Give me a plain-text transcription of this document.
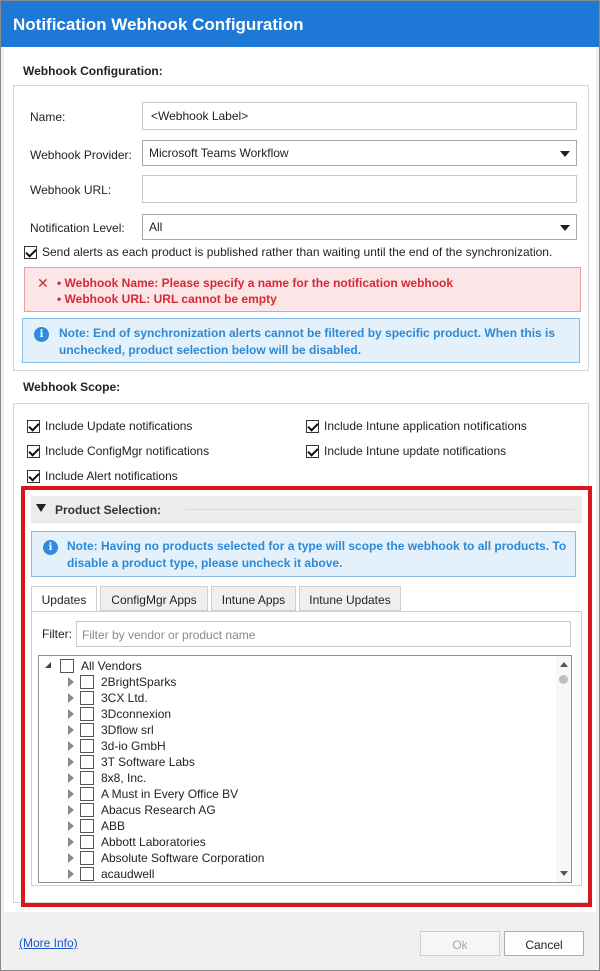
Notification Webhook Configuration
Webhook Configuration:
Name:	<Webhook Label>
Webhook Provider:	Microsoft Teams Workflow
Webhook URL:
Notification Level:	All
Send alerts as each product is published rather than waiting until the end of the synchronization.
✕ • Webhook Name: Please specify a name for the notification webhook
• Webhook URL: URL cannot be empty
i	Note: End of synchronization alerts cannot be filtered by specific product. When this is
unchecked, product selection below will be disabled.
Webhook Scope:
Include Update notifications
Include ConfigMgr notifications
Include Alert notifications
Include Intune application notifications
Include Intune update notifications
Product Selection:
i	Note: Having no products selected for a type will scope the webhook to all products. To
disable a product type, please uncheck it above.
Updates	ConfigMgr Apps	Intune Apps	Intune Updates
Filter: Filter by vendor or product name
All Vendors
2BrightSparks
3CX Ltd.
3Dconnexion
3Dflow srl
3d-io GmbH
3T Software Labs
8x8, Inc.
A Must in Every Office BV
Abacus Research AG
ABB
Abbott Laboratories
Absolute Software Corporation
acaudwell
(More Info)	Ok	Cancel
